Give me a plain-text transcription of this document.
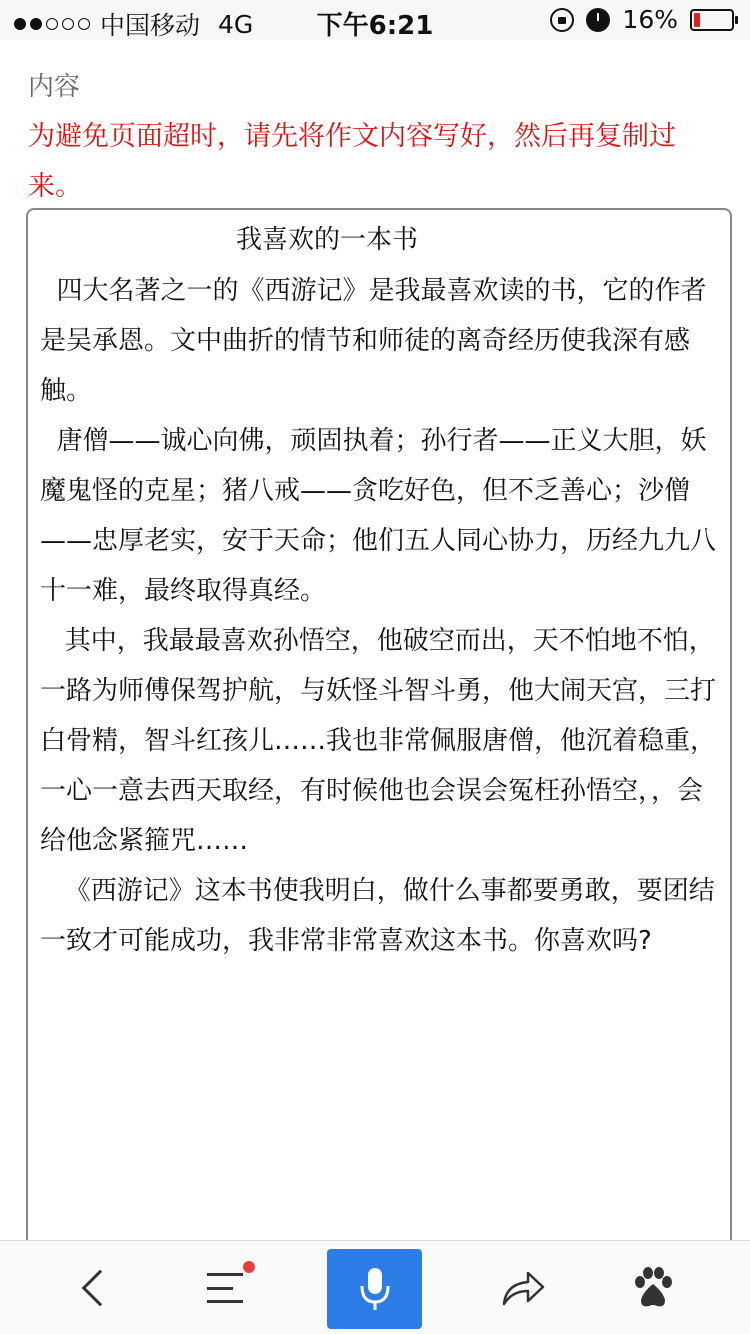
中国移动 4G	下午6:21	16%
内容
为避免页面超时，请先将作文内容写好，然后再复制过来。
我喜欢的一本书

四大名著之一的《西游记》是我最喜欢读的书，它的作者是吴承恩。文中曲折的情节和师徒的离奇经历使我深有感触。

唐僧——诚心向佛，顽固执着；孙行者——正义大胆，妖魔鬼怪的克星；猪八戒——贪吃好色，但不乏善心；沙僧——忠厚老实，安于天命；他们五人同心协力，历经九九八十一难，最终取得真经。

其中，我最最喜欢孙悟空，他破空而出，天不怕地不怕，一路为师傅保驾护航，与妖怪斗智斗勇，他大闹天宫，三打白骨精，智斗红孩儿……我也非常佩服唐僧，他沉着稳重，一心一意去西天取经，有时候他也会误会冤枉孙悟空，，会给他念紧箍咒……

《西游记》这本书使我明白，做什么事都要勇敢，要团结一致才可能成功，我非常非常喜欢这本书。你喜欢吗?
